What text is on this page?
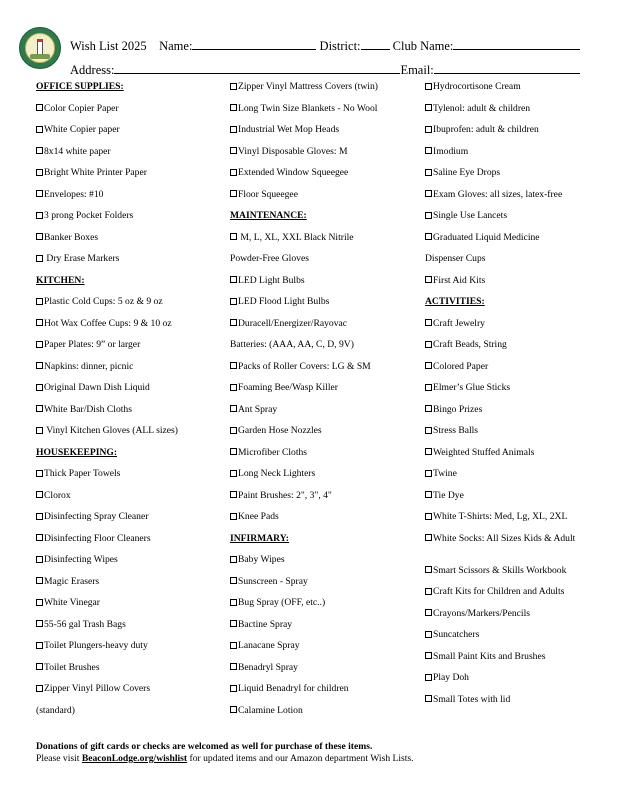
Wish List 2025 Name:	District:	Club Name:
Address:	Email:
OFFICE SUPPLIES:
Color Copier Paper
White Copier paper
8x14 white paper
Bright White Printer Paper
Envelopes: #10
3 prong Pocket Folders
Banker Boxes
Dry Erase Markers
KITCHEN:
Plastic Cold Cups: 5 oz & 9 oz
Hot Wax Coffee Cups: 9 & 10 oz
Paper Plates: 9” or larger
Napkins: dinner, picnic
Original Dawn Dish Liquid
White Bar/Dish Cloths
Vinyl Kitchen Gloves (ALL sizes)
HOUSEKEEPING:
Thick Paper Towels
Clorox
Disinfecting Spray Cleaner
Disinfecting Floor Cleaners
Disinfecting Wipes
Magic Erasers
White Vinegar
55-56 gal Trash Bags
Toilet Plungers-heavy duty
Toilet Brushes
Zipper Vinyl Pillow Covers
(standard)
Zipper Vinyl Mattress Covers (twin)
Long Twin Size Blankets - No Wool
Industrial Wet Mop Heads
Vinyl Disposable Gloves: M
Extended Window Squeegee
Floor Squeegee
MAINTENANCE:
M, L, XL, XXL Black Nitrile
Powder-Free Gloves
LED Light Bulbs
LED Flood Light Bulbs
Duracell/Energizer/Rayovac
Batteries: (AAA, AA, C, D, 9V)
Packs of Roller Covers: LG & SM
Foaming Bee/Wasp Killer
Ant Spray
Garden Hose Nozzles
Microfiber Cloths
Long Neck Lighters
Paint Brushes: 2", 3", 4"
Knee Pads
INFIRMARY:
Baby Wipes
Sunscreen - Spray
Bug Spray (OFF, etc..)
Bactine Spray
Lanacane Spray
Benadryl Spray
Liquid Benadryl for children
Calamine Lotion
Hydrocortisone Cream
Tylenol: adult & children
Ibuprofen: adult & children
Imodium
Saline Eye Drops
Exam Gloves: all sizes, latex-free
Single Use Lancets
Graduated Liquid Medicine
Dispenser Cups
First Aid Kits
ACTIVITIES:
Craft Jewelry
Craft Beads, String
Colored Paper
Elmer’s Glue Sticks
Bingo Prizes
Stress Balls
Weighted Stuffed Animals
Twine
Tie Dye
White T-Shirts: Med, Lg, XL, 2XL
White Socks: All Sizes Kids & Adult
Smart Scissors & Skills Workbook
Craft Kits for Children and Adults
Crayons/Markers/Pencils
Suncatchers
Small Paint Kits and Brushes
Play Doh
Small Totes with lid
Donations of gift cards or checks are welcomed as well for purchase of these items.
Please visit BeaconLodge.org/wishlist for updated items and our Amazon department Wish Lists.
